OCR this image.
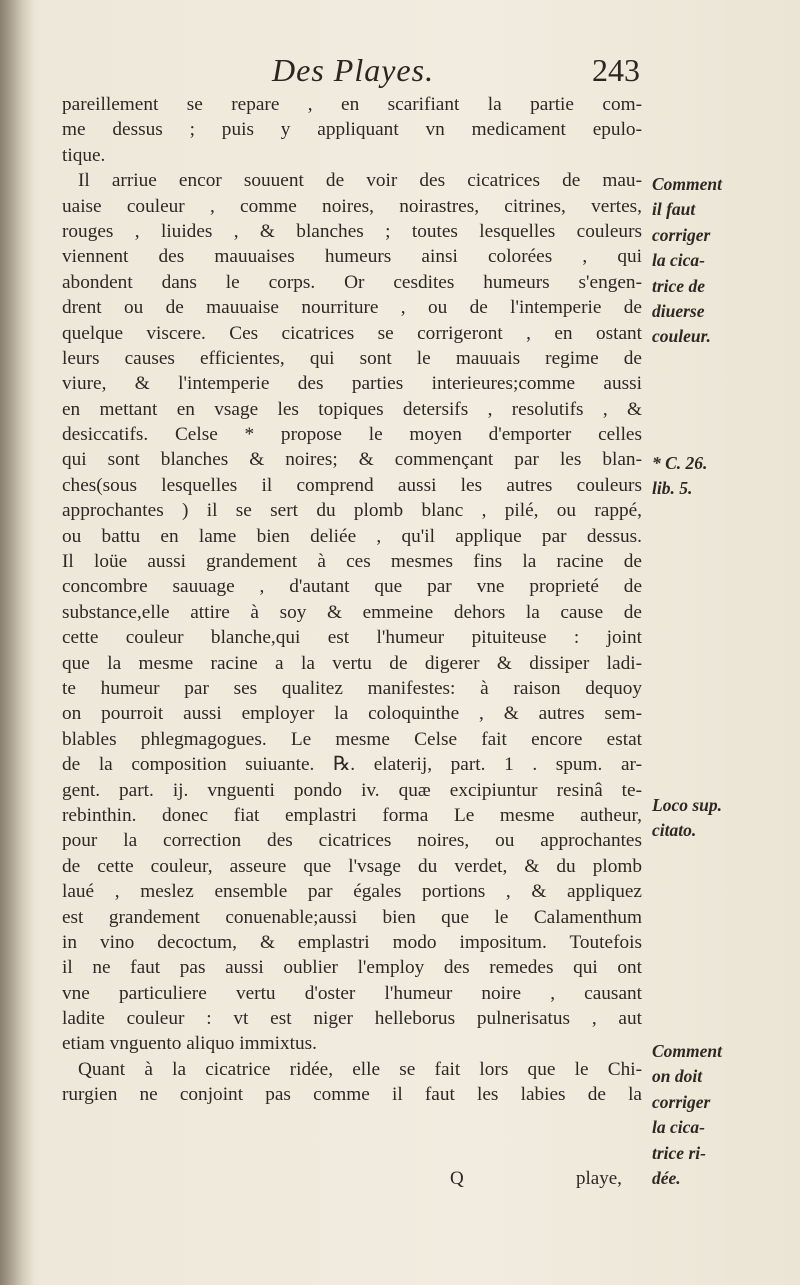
Des Playes.	243
pareillement se repare , en scarifiant la partie com-
me dessus ; puis y appliquant vn medicament epulo-
tique.
Il arriue encor souuent de voir des cicatrices de mau-
uaise couleur , comme noires, noirastres, citrines, vertes,
rouges , liuides , & blanches ; toutes lesquelles couleurs
viennent des mauuaises humeurs ainsi colorées , qui
abondent dans le corps. Or cesdites humeurs s'engen-
drent ou de mauuaise nourriture , ou de l'intemperie de
quelque viscere. Ces cicatrices se corrigeront , en ostant
leurs causes efficientes, qui sont le mauuais regime de
viure, & l'intemperie des parties interieures;comme aussi
en mettant en vsage les topiques detersifs , resolutifs , &
desiccatifs. Celse * propose le moyen d'emporter celles
qui sont blanches & noires; & commençant par les blan-
ches(sous lesquelles il comprend aussi les autres couleurs
approchantes ) il se sert du plomb blanc , pilé, ou rappé,
ou battu en lame bien deliée , qu'il applique par dessus.
Il loüe aussi grandement à ces mesmes fins la racine de
concombre sauuage , d'autant que par vne proprieté de
substance,elle attire à soy & emmeine dehors la cause de
cette couleur blanche,qui est l'humeur pituiteuse : joint
que la mesme racine a la vertu de digerer & dissiper ladi-
te humeur par ses qualitez manifestes: à raison dequoy
on pourroit aussi employer la coloquinthe , & autres sem-
blables phlegmagogues. Le mesme Celse fait encore estat
de la composition suiuante. ℞. elaterij, part. 1 . spum. ar-
gent. part. ij. vnguenti pondo iv. quæ excipiuntur resinâ te-
rebinthin. donec fiat emplastri forma Le mesme autheur,
pour la correction des cicatrices noires, ou approchantes
de cette couleur, asseure que l'vsage du verdet, & du plomb
laué , meslez ensemble par égales portions , & appliquez
est grandement conuenable;aussi bien que le Calamenthum
in vino decoctum, & emplastri modo impositum. Toutefois
il ne faut pas aussi oublier l'employ des remedes qui ont
vne particuliere vertu d'oster l'humeur noire , causant
ladite couleur : vt est niger helleborus pulnerisatus , aut
etiam vnguento aliquo immixtus.
Quant à la cicatrice ridée, elle se fait lors que le Chi-
rurgien ne conjoint pas comme il faut les labies de la
Comment
il faut
corriger
la cica-
trice de
diuerse
couleur.
* C. 26.
lib. 5.
Loco sup.
citato.
Comment
on doit
corriger
la cica-
trice ri-
dée.
Q	playe,
